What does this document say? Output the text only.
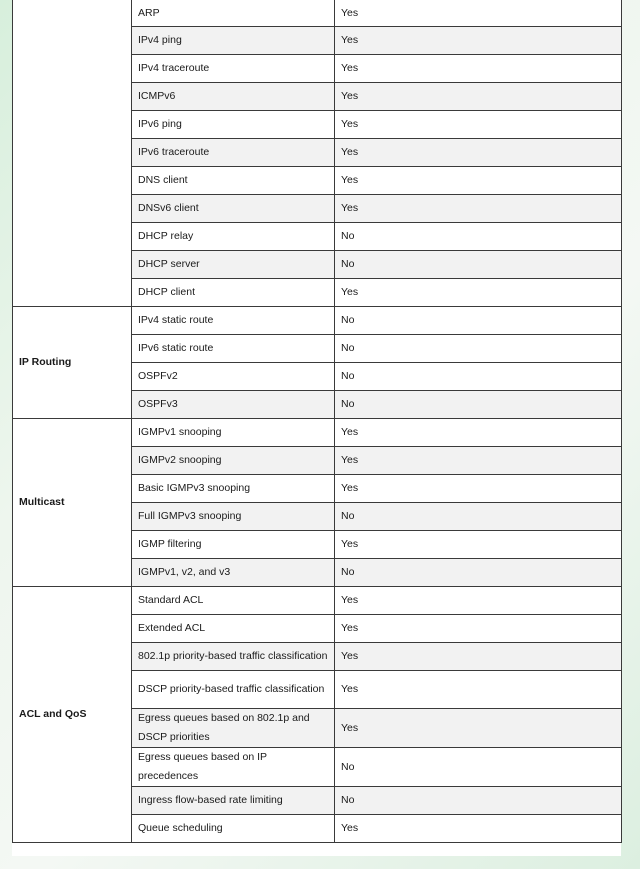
	ARP	Yes
	IPv4 ping	Yes
	IPv4 traceroute	Yes
	ICMPv6	Yes
	IPv6 ping	Yes
	IPv6 traceroute	Yes
	DNS client	Yes
	DNSv6 client	Yes
	DHCP relay	No
	DHCP server	No
	DHCP client	Yes
IP Routing	IPv4 static route	No
	IPv6 static route	No
	OSPFv2	No
	OSPFv3	No
Multicast	IGMPv1 snooping	Yes
	IGMPv2 snooping	Yes
	Basic IGMPv3 snooping	Yes
	Full IGMPv3 snooping	No
	IGMP filtering	Yes
	IGMPv1, v2, and v3	No
ACL and QoS	Standard ACL	Yes
	Extended ACL	Yes
	802.1p priority-based traffic classification	Yes
	DSCP priority-based traffic classification	Yes
	Egress queues based on 802.1p and DSCP priorities	Yes
	Egress queues based on IP precedences	No
	Ingress flow-based rate limiting	No
	Queue scheduling	Yes
